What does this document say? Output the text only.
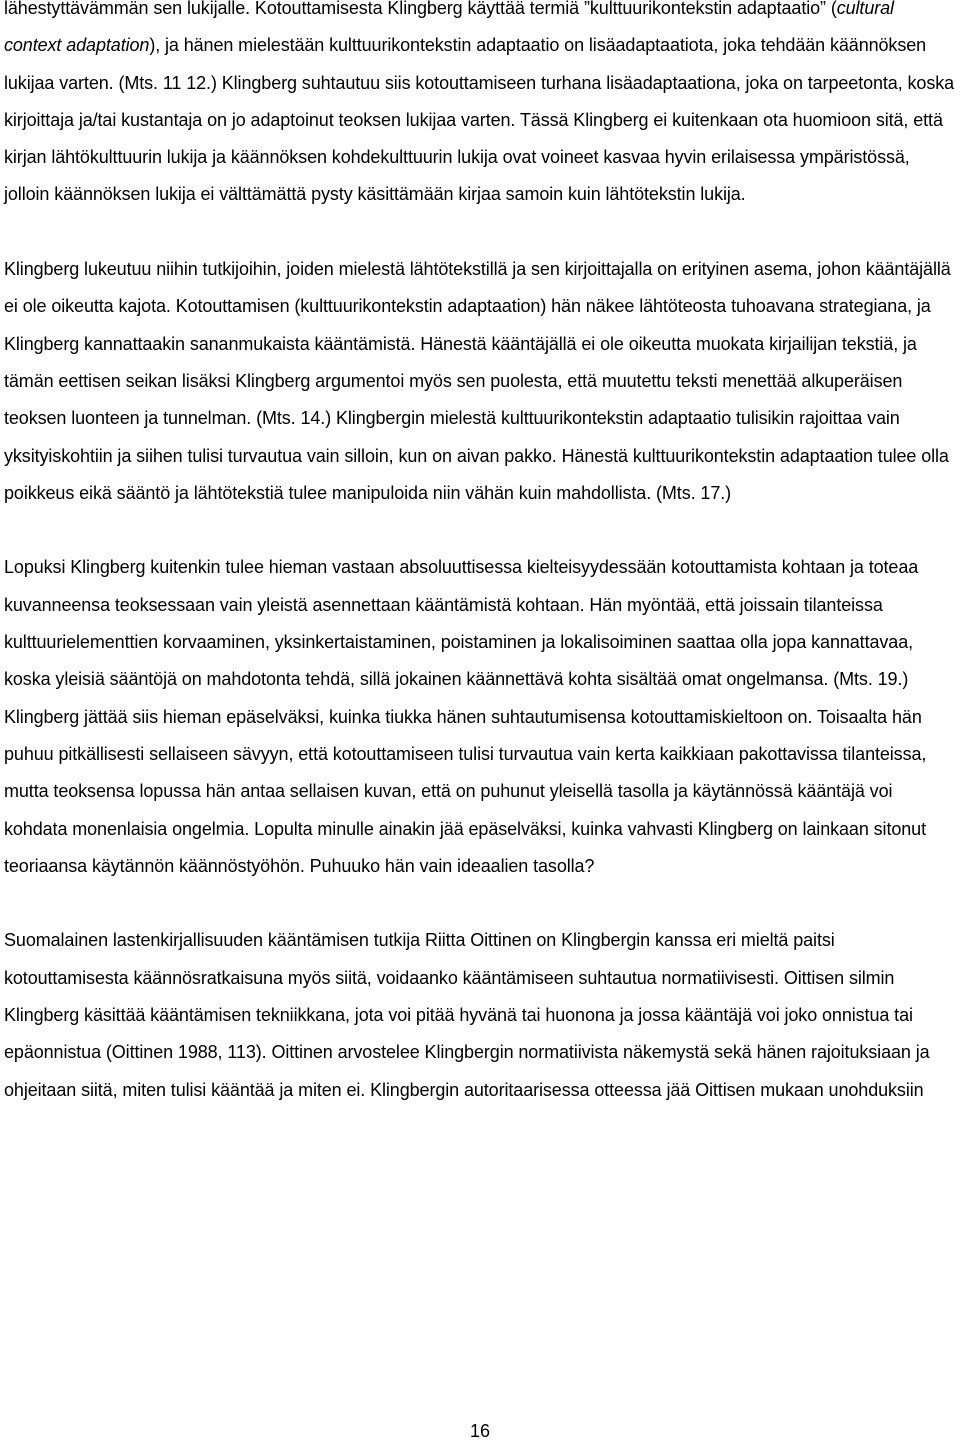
lähestyttävämmän sen lukijalle. Kotouttamisesta Klingberg käyttää termiä ”kulttuurikontekstin adaptaatio” (cultural context adaptation), ja hänen mielestään kulttuurikontekstin adaptaatio on lisäadaptaatiota, joka tehdään käännöksen lukijaa varten. (Mts. 11 12.) Klingberg suhtautuu siis kotouttamiseen turhana lisäadaptaationa, joka on tarpeetonta, koska kirjoittaja ja/tai kustantaja on jo adaptoinut teoksen lukijaa varten. Tässä Klingberg ei kuitenkaan ota huomioon sitä, että kirjan lähtökulttuurin lukija ja käännöksen kohdekulttuurin lukija ovat voineet kasvaa hyvin erilaisessa ympäristössä, jolloin käännöksen lukija ei välttämättä pysty käsittämään kirjaa samoin kuin lähtötekstin lukija.

Klingberg lukeutuu niihin tutkijoihin, joiden mielestä lähtötekstillä ja sen kirjoittajalla on erityinen asema, johon kääntäjällä ei ole oikeutta kajota. Kotouttamisen (kulttuurikontekstin adaptaation) hän näkee lähtöteosta tuhoavana strategiana, ja Klingberg kannattaakin sananmukaista kääntämistä. Hänestä kääntäjällä ei ole oikeutta muokata kirjailijan tekstiä, ja tämän eettisen seikan lisäksi Klingberg argumentoi myös sen puolesta, että muutettu teksti menettää alkuperäisen teoksen luonteen ja tunnelman. (Mts. 14.) Klingbergin mielestä kulttuurikontekstin adaptaatio tulisikin rajoittaa vain yksityiskohtiin ja siihen tulisi turvautua vain silloin, kun on aivan pakko. Hänestä kulttuurikontekstin adaptaation tulee olla poikkeus eikä sääntö ja lähtötekstiä tulee manipuloida niin vähän kuin mahdollista. (Mts. 17.)

Lopuksi Klingberg kuitenkin tulee hieman vastaan absoluuttisessa kielteisyydessään kotouttamista kohtaan ja toteaa kuvanneensa teoksessaan vain yleistä asennettaan kääntämistä kohtaan. Hän myöntää, että joissain tilanteissa kulttuurielementtien korvaaminen, yksinkertaistaminen, poistaminen ja lokalisoiminen saattaa olla jopa kannattavaa, koska yleisiä sääntöjä on mahdotonta tehdä, sillä jokainen käännettävä kohta sisältää omat ongelmansa. (Mts. 19.) Klingberg jättää siis hieman epäselväksi, kuinka tiukka hänen suhtautumisensa kotouttamiskieltoon on. Toisaalta hän puhuu pitkällisesti sellaiseen sävyyn, että kotouttamiseen tulisi turvautua vain kerta kaikkiaan pakottavissa tilanteissa, mutta teoksensa lopussa hän antaa sellaisen kuvan, että on puhunut yleisellä tasolla ja käytännössä kääntäjä voi kohdata monenlaisia ongelmia. Lopulta minulle ainakin jää epäselväksi, kuinka vahvasti Klingberg on lainkaan sitonut teoriaansa käytännön käännöstyöhön. Puhuuko hän vain ideaalien tasolla?

Suomalainen lastenkirjallisuuden kääntämisen tutkija Riitta Oittinen on Klingbergin kanssa eri mieltä paitsi kotouttamisesta käännösratkaisuna myös siitä, voidaanko kääntämiseen suhtautua normatiivisesti. Oittisen silmin Klingberg käsittää kääntämisen tekniikkana, jota voi pitää hyvänä tai huonona ja jossa kääntäjä voi joko onnistua tai epäonnistua (Oittinen 1988, 113). Oittinen arvostelee Klingbergin normatiivista näkemystä sekä hänen rajoituksiaan ja ohjeitaan siitä, miten tulisi kääntää ja miten ei. Klingbergin autoritaarisessa otteessa jää Oittisen mukaan unohduksiin

16
